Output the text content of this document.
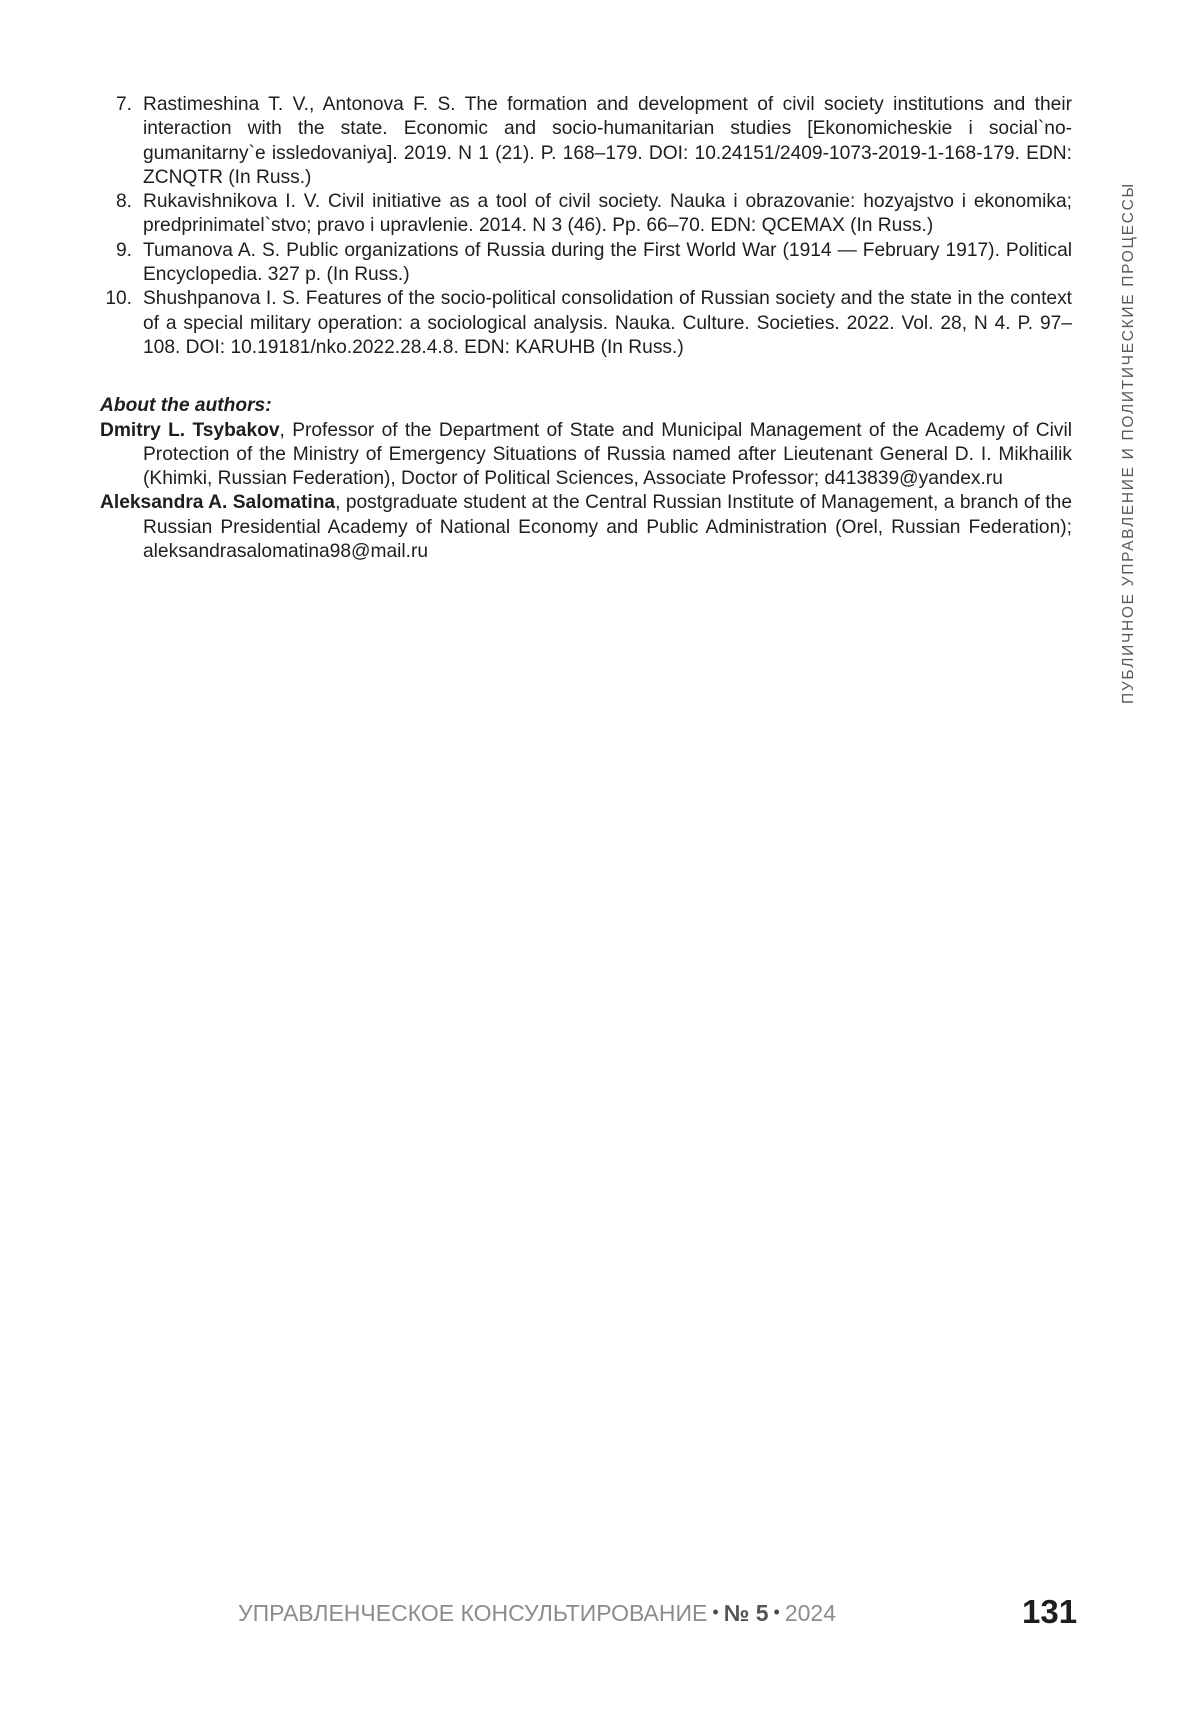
7. Rastimeshina T. V., Antonova F. S. The formation and development of civil society institutions and their interaction with the state. Economic and socio-humanitarian studies [Ekonomicheskie i social`no-gumanitarny`e issledovaniya]. 2019. N 1 (21). P. 168–179. DOI: 10.24151/2409-1073-2019-1-168-179. EDN: ZCNQTR (In Russ.)
8. Rukavishnikova I. V. Civil initiative as a tool of civil society. Nauka i obrazovanie: hozyajstvo i ekonomika; predprinimatel`stvo; pravo i upravlenie. 2014. N 3 (46). Pp. 66–70. EDN: QCEMAX (In Russ.)
9. Tumanova A. S. Public organizations of Russia during the First World War (1914 — February 1917). Political Encyclopedia. 327 p. (In Russ.)
10. Shushpanova I. S. Features of the socio-political consolidation of Russian society and the state in the context of a special military operation: a sociological analysis. Nauka. Culture. Societies. 2022. Vol. 28, N 4. P. 97–108. DOI: 10.19181/nko.2022.28.4.8. EDN: KARUHB (In Russ.)
About the authors:
Dmitry L. Tsybakov, Professor of the Department of State and Municipal Management of the Academy of Civil Protection of the Ministry of Emergency Situations of Russia named after Lieutenant General D. I. Mikhailik (Khimki, Russian Federation), Doctor of Political Sciences, Associate Professor; d413839@yandex.ru
Aleksandra A. Salomatina, postgraduate student at the Central Russian Institute of Management, a branch of the Russian Presidential Academy of National Economy and Public Administration (Orel, Russian Federation); aleksandrasalomatina98@mail.ru	ПУБЛИЧНОЕ УПРАВЛЕНИЕ И ПОЛИТИЧЕСКИЕ ПРОЦЕССЫ
УПРАВЛЕНЧЕСКОЕ КОНСУЛЬТИРОВАНИЕ • № 5 • 2024	131
